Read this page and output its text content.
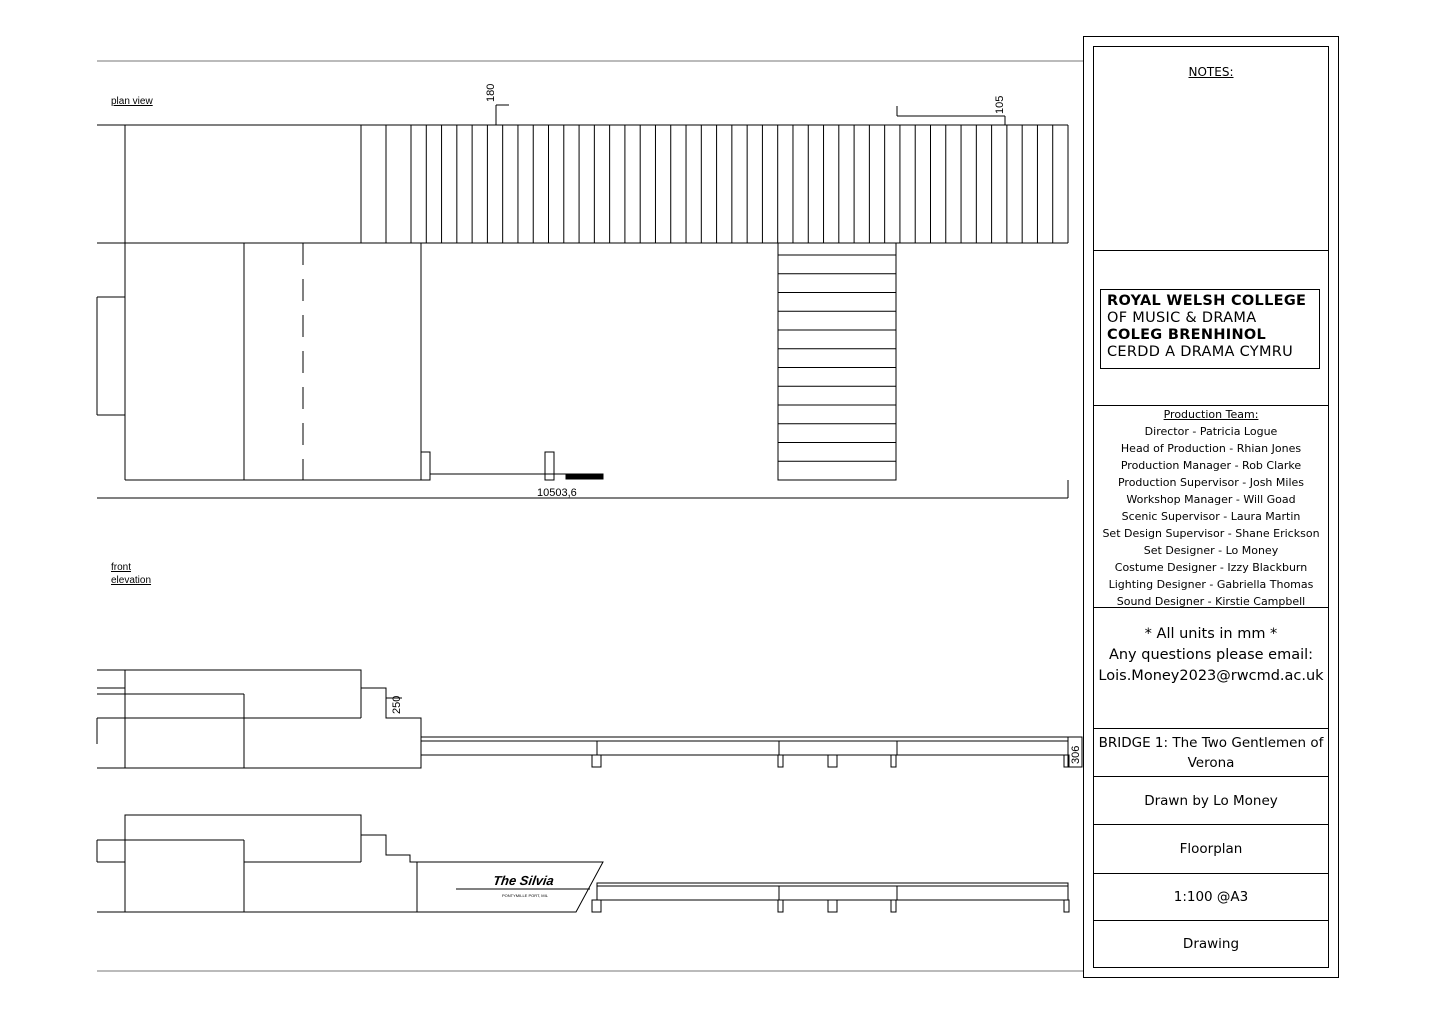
plan view
10503,6
180
105
front
elevation
250
306
The Silvia
PONTYMILLE PORT, MIL
NOTES:
ROYAL WELSH COLLEGE
OF MUSIC & DRAMA
COLEG BRENHINOL
CERDD A DRAMA CYMRU
Production Team:
Director - Patricia Logue
Head of Production - Rhian Jones
Production Manager - Rob Clarke
Production Supervisor - Josh Miles
Workshop Manager - Will Goad
Scenic Supervisor - Laura Martin
Set Design Supervisor - Shane Erickson
Set Designer - Lo Money
Costume Designer - Izzy Blackburn
Lighting Designer - Gabriella Thomas
Sound Designer - Kirstie Campbell
* All units in mm *
Any questions please email:
Lois.Money2023@rwcmd.ac.uk
BRIDGE 1: The Two Gentlemen of Verona
Drawn by Lo Money
Floorplan
1:100 @A3
Drawing
